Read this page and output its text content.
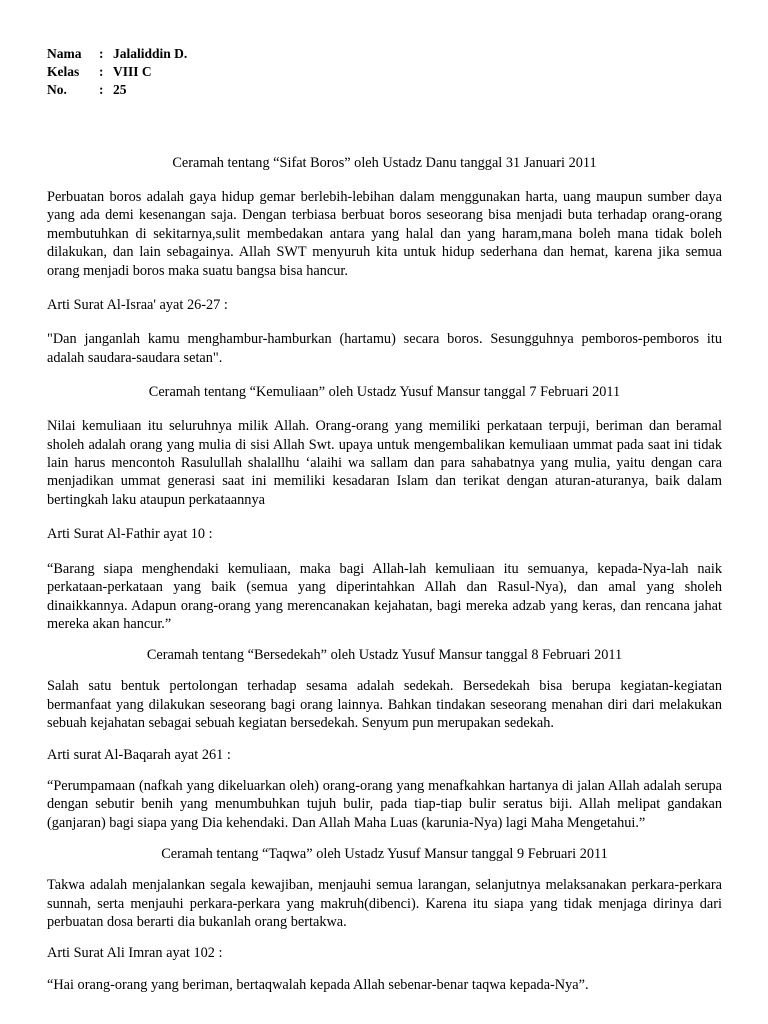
Nama	: Jalaliddin D.
Kelas	: VIII C
No.	: 25
Ceramah tentang “Sifat Boros” oleh Ustadz Danu tanggal 31 Januari 2011
Perbuatan boros adalah gaya hidup gemar berlebih-lebihan dalam menggunakan harta, uang maupun sumber daya yang ada demi kesenangan saja. Dengan terbiasa berbuat boros seseorang bisa menjadi buta terhadap orang-orang membutuhkan di sekitarnya,sulit membedakan antara yang halal dan yang haram,mana boleh mana tidak boleh dilakukan, dan lain sebagainya. Allah SWT menyuruh kita untuk hidup sederhana dan hemat, karena jika semua orang menjadi boros maka suatu bangsa bisa hancur.
Arti Surat Al-Israa' ayat 26-27 :
"Dan janganlah kamu menghambur-hamburkan (hartamu) secara boros. Sesungguhnya pemboros-pemboros itu adalah saudara-saudara setan".
Ceramah tentang “Kemuliaan” oleh Ustadz Yusuf Mansur tanggal 7 Februari 2011
Nilai kemuliaan itu seluruhnya milik Allah. Orang-orang yang memiliki perkataan terpuji, beriman dan beramal sholeh adalah orang yang mulia di sisi Allah Swt. upaya untuk mengembalikan kemuliaan ummat pada saat ini tidak lain harus mencontoh Rasulullah shalallhu ‘alaihi wa sallam dan para sahabatnya yang mulia, yaitu dengan cara menjadikan ummat generasi saat ini memiliki kesadaran Islam dan terikat dengan aturan-aturanya, baik dalam bertingkah laku ataupun perkataannya
Arti Surat Al-Fathir ayat 10 :
“Barang siapa menghendaki kemuliaan, maka bagi Allah-lah kemuliaan itu semuanya, kepada-Nya-lah naik perkataan-perkataan yang baik (semua yang diperintahkan Allah dan Rasul-Nya), dan amal yang sholeh dinaikkannya. Adapun orang-orang yang merencanakan kejahatan, bagi mereka adzab yang keras, dan rencana jahat mereka akan hancur.”
Ceramah tentang “Bersedekah” oleh Ustadz Yusuf Mansur tanggal 8 Februari 2011
Salah satu bentuk pertolongan terhadap sesama adalah sedekah. Bersedekah bisa berupa kegiatan-kegiatan bermanfaat yang dilakukan seseorang bagi orang lainnya. Bahkan tindakan seseorang menahan diri dari melakukan sebuah kejahatan sebagai sebuah kegiatan bersedekah. Senyum pun merupakan sedekah.
Arti surat Al-Baqarah ayat 261 :
“Perumpamaan (nafkah yang dikeluarkan oleh) orang-orang yang menafkahkan hartanya di jalan Allah adalah serupa dengan sebutir benih yang menumbuhkan tujuh bulir, pada tiap-tiap bulir seratus biji. Allah melipat gandakan (ganjaran) bagi siapa yang Dia kehendaki. Dan Allah Maha Luas (karunia-Nya) lagi Maha Mengetahui.”
Ceramah tentang “Taqwa” oleh Ustadz Yusuf Mansur tanggal 9 Februari 2011
Takwa adalah menjalankan segala kewajiban, menjauhi semua larangan, selanjutnya melaksanakan perkara-perkara sunnah, serta menjauhi perkara-perkara yang makruh(dibenci). Karena itu siapa yang tidak menjaga dirinya dari perbuatan dosa berarti dia bukanlah orang bertakwa.
Arti Surat Ali Imran ayat 102 :
“Hai orang-orang yang beriman, bertaqwalah kepada Allah sebenar-benar taqwa kepada-Nya”.
